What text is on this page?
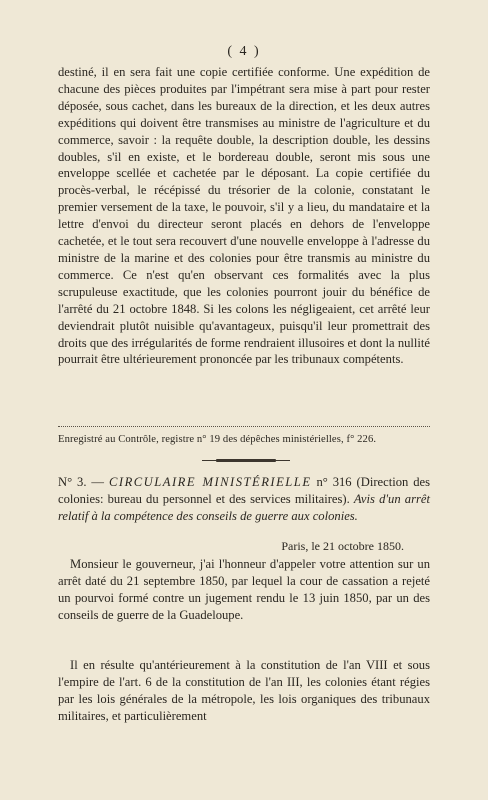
( 4 )

destiné, il en sera fait une copie certifiée conforme. Une expédition de chacune des pièces produites par l'impétrant sera mise à part pour rester déposée, sous cachet, dans les bureaux de la direction, et les deux autres expéditions qui doivent être transmises au ministre de l'agriculture et du commerce, savoir : la requête double, la description double, les dessins doubles, s'il en existe, et le bordereau double, seront mis sous une enveloppe scellée et cachetée par le déposant. La copie certifiée du procès-verbal, le récépissé du trésorier de la colonie, constatant le premier versement de la taxe, le pouvoir, s'il y a lieu, du mandataire et la lettre d'envoi du directeur seront placés en dehors de l'enveloppe cachetée, et le tout sera recouvert d'une nouvelle enveloppe à l'adresse du ministre de la marine et des colonies pour être transmis au ministre du commerce. Ce n'est qu'en observant ces formalités avec la plus scrupuleuse exactitude, que les colonies pourront jouir du bénéfice de l'arrêté du 21 octobre 1848. Si les colons les négligeaient, cet arrêté leur deviendrait plutôt nuisible qu'avantageux, puisqu'il leur promettrait des droits que des irrégularités de forme rendraient illusoires et dont la nullité pourrait être ultérieurement prononcée par les tribunaux compétents.

Enregistré au Contrôle, registre n° 19 des dépêches ministérielles, f° 226.
N° 3. — CIRCULAIRE MINISTÉRIELLE n° 316 (Direction des colonies: bureau du personnel et des services militaires). Avis d'un arrêt relatif à la compétence des conseils de guerre aux colonies.
Paris, le 21 octobre 1850.

Monsieur le gouverneur, j'ai l'honneur d'appeler votre attention sur un arrêt daté du 21 septembre 1850, par lequel la cour de cassation a rejeté un pourvoi formé contre un jugement rendu le 13 juin 1850, par un des conseils de guerre de la Guadeloupe.

Il en résulte qu'antérieurement à la constitution de l'an VIII et sous l'empire de l'art. 6 de la constitution de l'an III, les colonies étant régies par les lois générales de la métropole, les lois organiques des tribunaux militaires, et particulièrement
